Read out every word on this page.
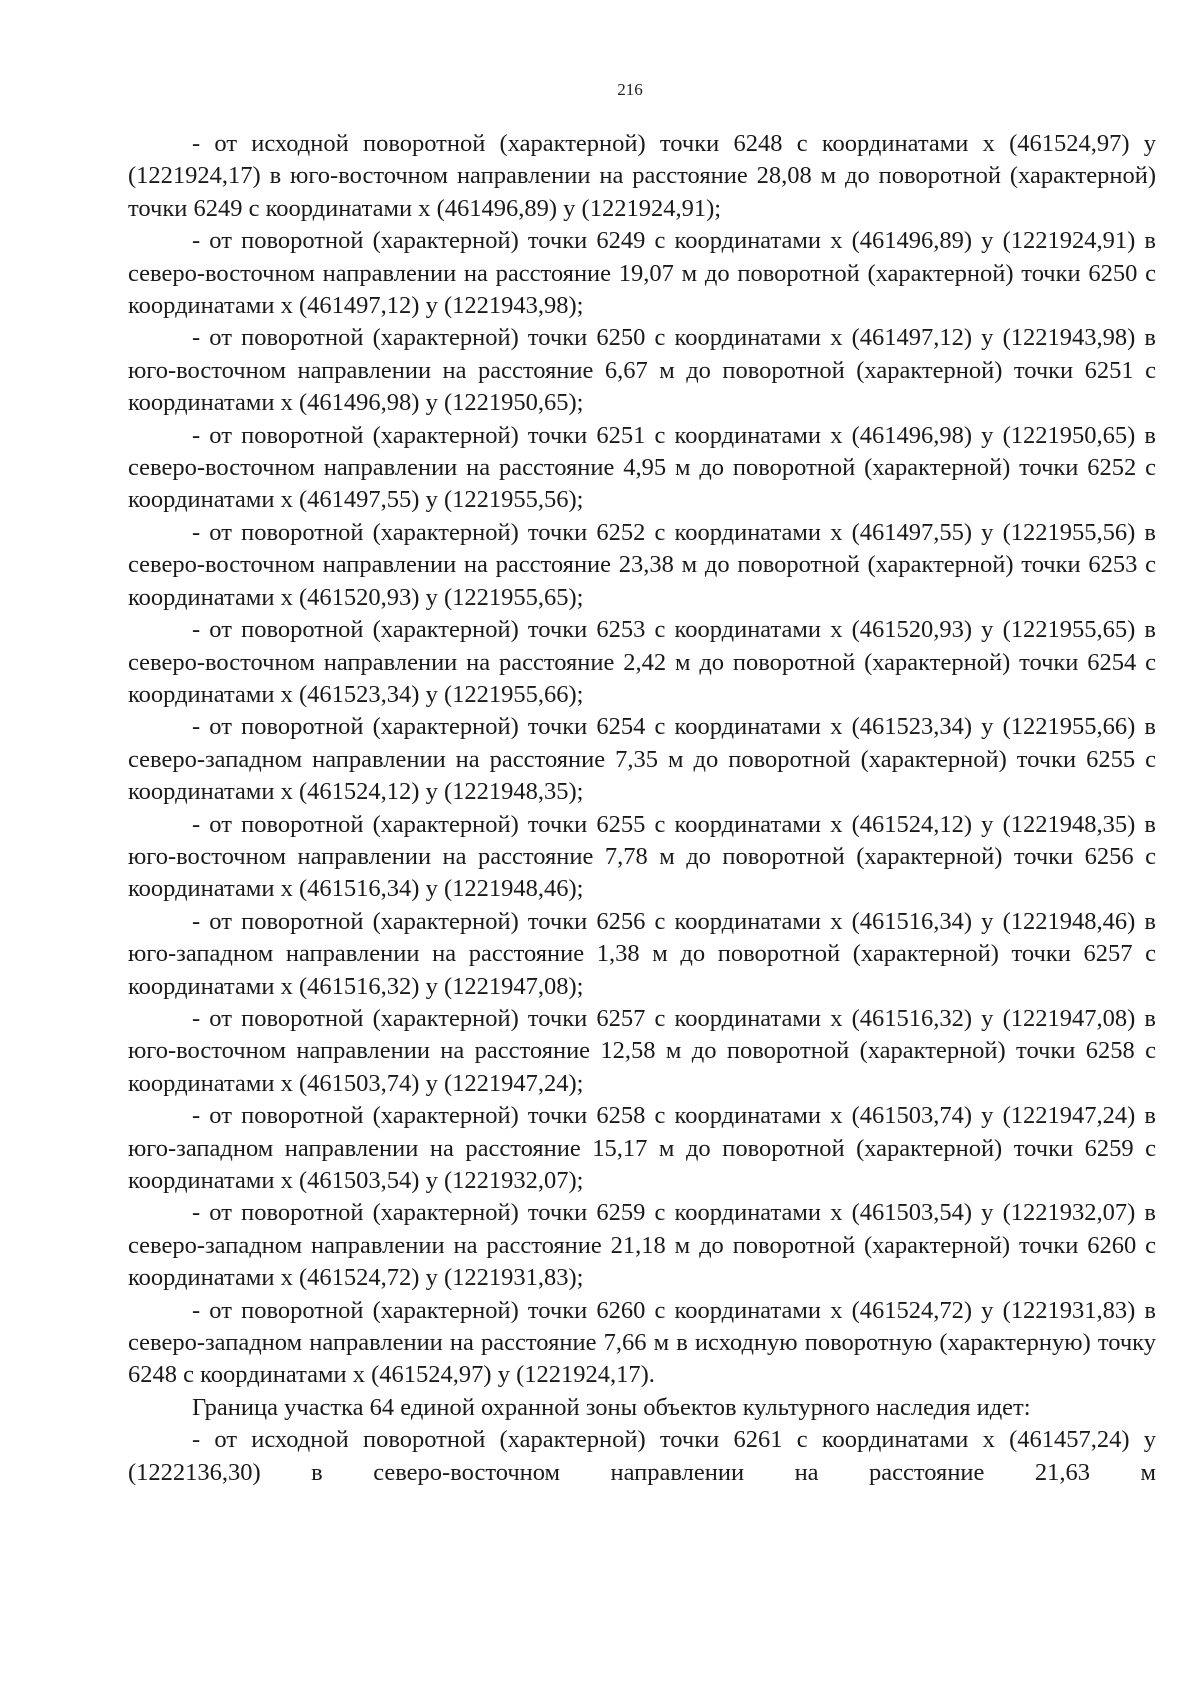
216

- от исходной поворотной (характерной) точки 6248 с координатами х (461524,97) у (1221924,17) в юго-восточном направлении на расстояние 28,08 м до поворотной (характерной) точки 6249 с координатами х (461496,89) у (1221924,91);

- от поворотной (характерной) точки 6249 с координатами х (461496,89) у (1221924,91) в северо-восточном направлении на расстояние 19,07 м до поворотной (характерной) точки 6250 с координатами х (461497,12) у (1221943,98);

- от поворотной (характерной) точки 6250 с координатами х (461497,12) у (1221943,98) в юго-восточном направлении на расстояние 6,67 м до поворотной (характерной) точки 6251 с координатами х (461496,98) у (1221950,65);

- от поворотной (характерной) точки 6251 с координатами х (461496,98) у (1221950,65) в северо-восточном направлении на расстояние 4,95 м до поворотной (характерной) точки 6252 с координатами х (461497,55) у (1221955,56);

- от поворотной (характерной) точки 6252 с координатами х (461497,55) у (1221955,56) в северо-восточном направлении на расстояние 23,38 м до поворотной (характерной) точки 6253 с координатами х (461520,93) у (1221955,65);

- от поворотной (характерной) точки 6253 с координатами х (461520,93) у (1221955,65) в северо-восточном направлении на расстояние 2,42 м до поворотной (характерной) точки 6254 с координатами х (461523,34) у (1221955,66);

- от поворотной (характерной) точки 6254 с координатами х (461523,34) у (1221955,66) в северо-западном направлении на расстояние 7,35 м до поворотной (характерной) точки 6255 с координатами х (461524,12) у (1221948,35);

- от поворотной (характерной) точки 6255 с координатами х (461524,12) у (1221948,35) в юго-восточном направлении на расстояние 7,78 м до поворотной (характерной) точки 6256 с координатами х (461516,34) у (1221948,46);

- от поворотной (характерной) точки 6256 с координатами х (461516,34) у (1221948,46) в юго-западном направлении на расстояние 1,38 м до поворотной (характерной) точки 6257 с координатами х (461516,32) у (1221947,08);

- от поворотной (характерной) точки 6257 с координатами х (461516,32) у (1221947,08) в юго-восточном направлении на расстояние 12,58 м до поворотной (характерной) точки 6258 с координатами х (461503,74) у (1221947,24);

- от поворотной (характерной) точки 6258 с координатами х (461503,74) у (1221947,24) в юго-западном направлении на расстояние 15,17 м до поворотной (характерной) точки 6259 с координатами х (461503,54) у (1221932,07);

- от поворотной (характерной) точки 6259 с координатами х (461503,54) у (1221932,07) в северо-западном направлении на расстояние 21,18 м до поворотной (характерной) точки 6260 с координатами х (461524,72) у (1221931,83);

- от поворотной (характерной) точки 6260 с координатами х (461524,72) у (1221931,83) в северо-западном направлении на расстояние 7,66 м в исходную поворотную (характерную) точку 6248 с координатами х (461524,97) у (1221924,17).

Граница участка 64 единой охранной зоны объектов культурного наследия идет:

- от исходной поворотной (характерной) точки 6261 с координатами х (461457,24) у (1222136,30) в северо-восточном направлении на расстояние 21,63 м
